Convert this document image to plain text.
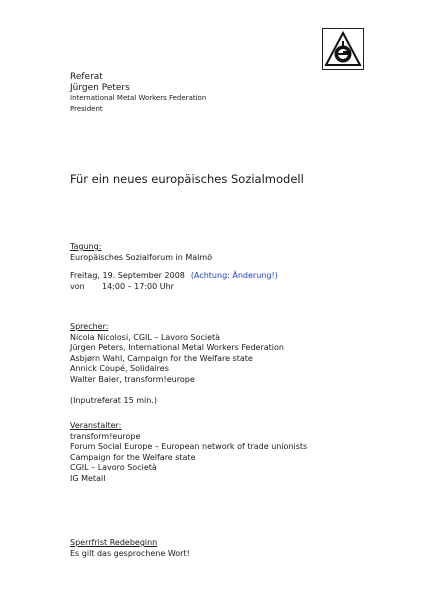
Referat
Jürgen Peters
International Metal Workers Federation
President
Für ein neues europäisches Sozialmodell
Tagung:
Europäisches Sozialforum in Malmö
Freitag, 19. September 2008 (Achtung: Änderung!)
von	14:00 – 17:00 Uhr
Sprecher:
Nicola Nicolosi, CGIL – Lavoro Società
Jürgen Peters, International Metal Workers Federation
Asbjørn Wahl, Campaign for the Welfare state
Annick Coupé, Solidaires
Walter Baier, transform!europe
(Inputreferat 15 min.)
Veranstalter:
transform!europe
Forum Social Europe – European network of trade unionists
Campaign for the Welfare state
CGIL – Lavoro Società
IG Metall
Sperrfrist Redebeginn
Es gilt das gesprochene Wort!
